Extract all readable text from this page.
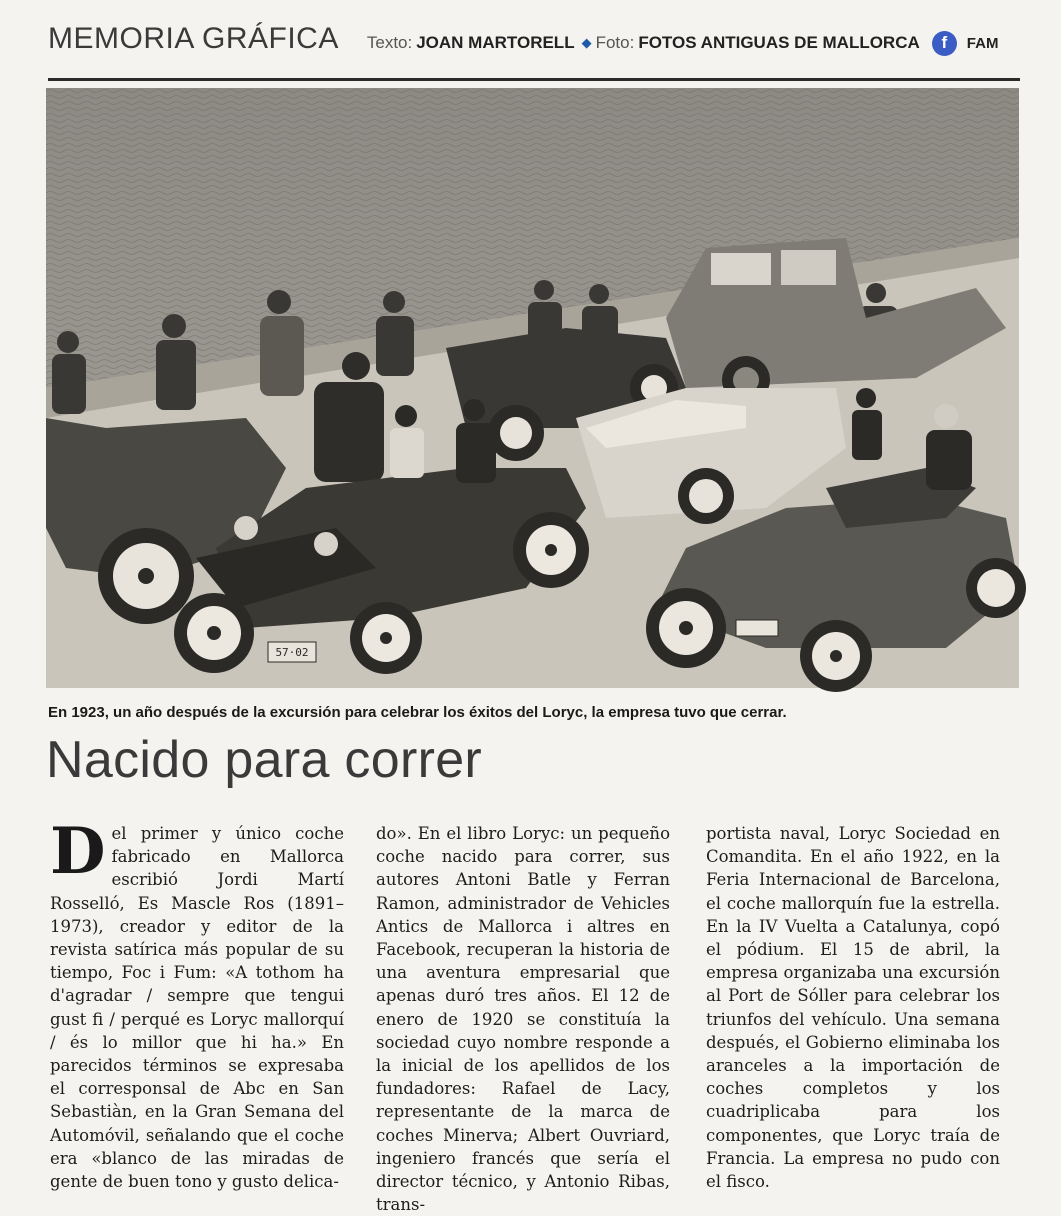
MEMORIA GRÁFICA Texto: JOAN MARTORELL ◆ Foto: FOTOS ANTIGUAS DE MALLORCA	f	FAM
57·02
En 1923, un año después de la excursión para celebrar los éxitos del Loryc, la empresa tuvo que cerrar.
Nacido para correr
D el primer y único coche fabricado en Mallorca escribió Jordi Martí Rosselló, Es Mascle Ros (1891–1973), creador y editor de la revista satírica más popular de su tiempo, Foc i Fum: «A tothom ha d'agradar / sempre que tengui gust fi / perqué es Loryc mallorquí / és lo millor que hi ha.» En parecidos términos se expresaba el corresponsal de Abc en San Sebastiàn, en la Gran Semana del Automóvil, señalando que el coche era «blanco de las miradas de gente de buen tono y gusto delica-

do». En el libro Loryc: un pequeño coche nacido para correr, sus autores Antoni Batle y Ferran Ramon, administrador de Vehicles Antics de Mallorca i altres en Facebook, recuperan la historia de una aventura empresarial que apenas duró tres años. El 12 de enero de 1920 se constituía la sociedad cuyo nombre responde a la inicial de los apellidos de los fundadores: Rafael de Lacy, representante de la marca de coches Minerva; Albert Ouvriard, ingeniero francés que sería el director técnico, y Antonio Ribas, trans-

portista naval, Loryc Sociedad en Comandita. En el año 1922, en la Feria Internacional de Barcelona, el coche mallorquín fue la estrella. En la IV Vuelta a Catalunya, copó el pódium. El 15 de abril, la empresa organizaba una excursión al Port de Sóller para celebrar los triunfos del vehículo. Una semana después, el Gobierno eliminaba los aranceles a la importación de coches completos y los cuadriplicaba para los componentes, que Loryc traía de Francia. La empresa no pudo con el fisco.
